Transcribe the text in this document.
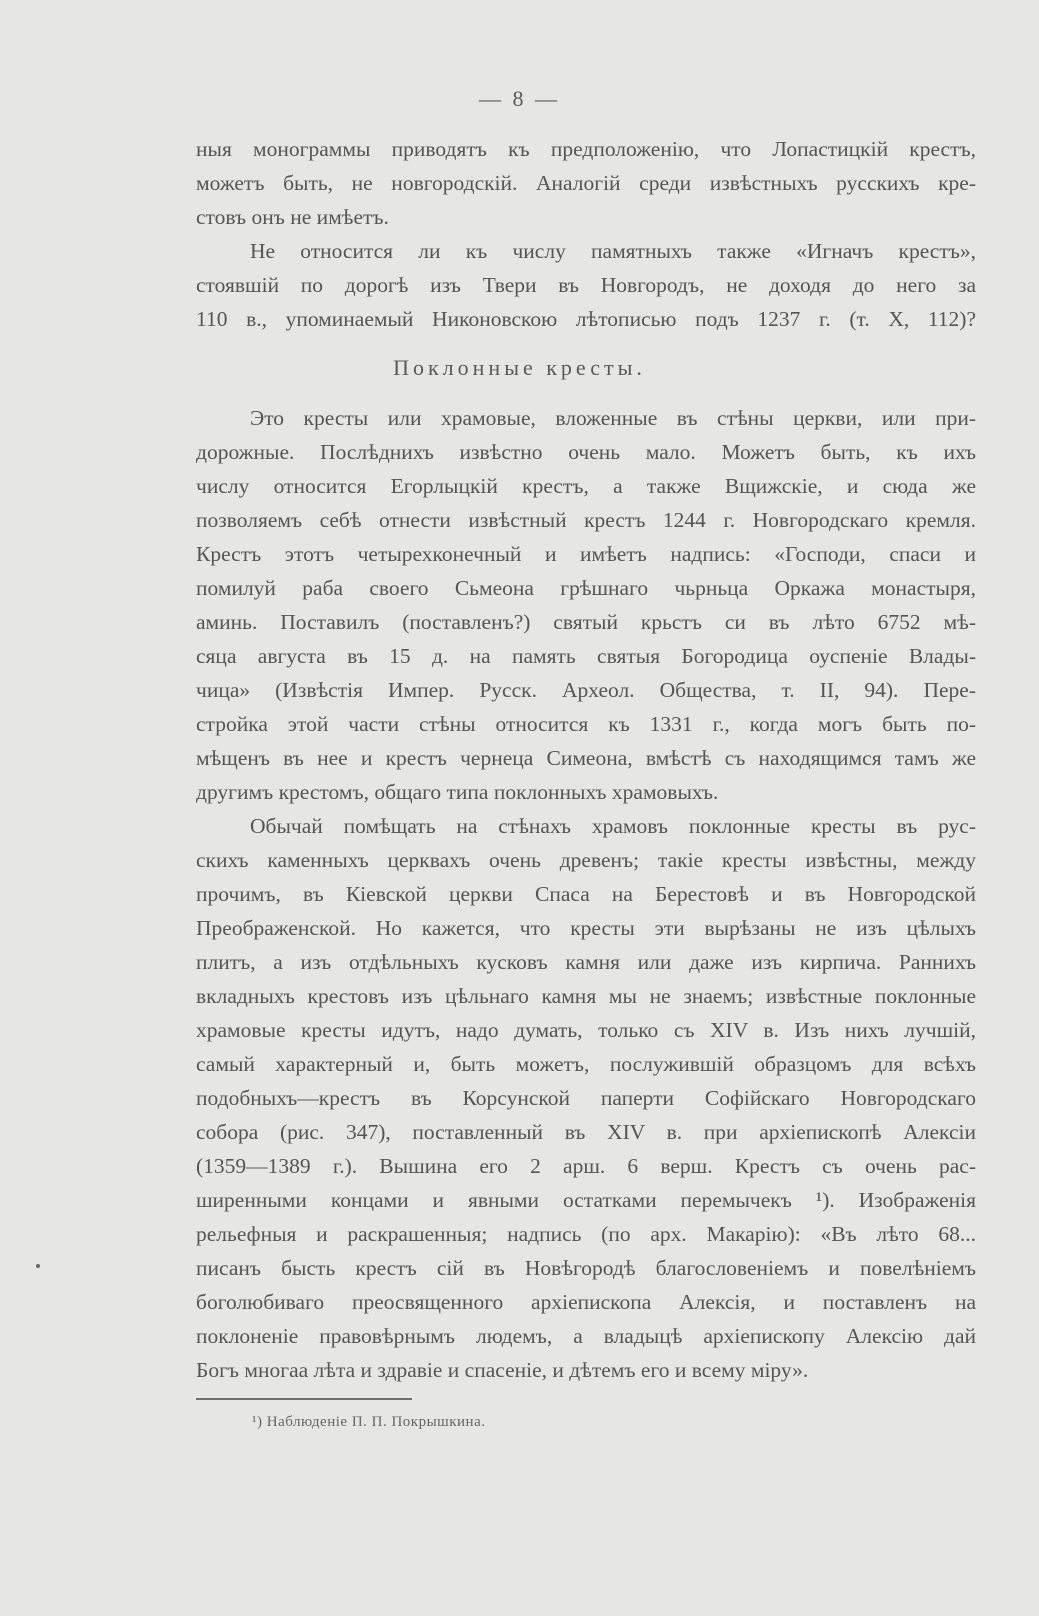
— 8 —
ныя монограммы приводятъ къ предположенію, что Лопастицкій крестъ,
можетъ быть, не новгородскій. Аналогій среди извѣстныхъ русскихъ кре-
стовъ онъ не имѣетъ.
Не относится ли къ числу памятныхъ также «Игначъ крестъ»,
стоявшій по дорогѣ изъ Твери въ Новгородъ, не доходя до него за
110 в., упоминаемый Никоновскою лѣтописью подъ 1237 г. (т. X, 112)?
Поклонные кресты.
Это кресты или храмовые, вложенные въ стѣны церкви, или при-
дорожные. Послѣднихъ извѣстно очень мало. Можетъ быть, къ ихъ
числу относится Егорлыцкій крестъ, а также Вщижскіе, и сюда же
позволяемъ себѣ отнести извѣстный крестъ 1244 г. Новгородскаго кремля.
Крестъ этотъ четырехконечный и имѣетъ надпись: «Господи, спаси и
помилуй раба своего Сьмеона грѣшнаго чьрньца Оркажа монастыря,
аминь. Поставилъ (поставленъ?) святый крьстъ си въ лѣто 6752 мѣ-
сяца августа въ 15 д. на память святыя Богородица оуспеніе Влады-
чица» (Извѣстія Импер. Русск. Археол. Общества, т. II, 94). Пере-
стройка этой части стѣны относится къ 1331 г., когда могъ быть по-
мѣщенъ въ нее и крестъ чернеца Симеона, вмѣстѣ съ находящимся тамъ же
другимъ крестомъ, общаго типа поклонныхъ храмовыхъ.
Обычай помѣщать на стѣнахъ храмовъ поклонные кресты въ рус-
скихъ каменныхъ церквахъ очень древенъ; такіе кресты извѣстны, между
прочимъ, въ Кіевской церкви Спаса на Берестовѣ и въ Новгородской
Преображенской. Но кажется, что кресты эти вырѣзаны не изъ цѣлыхъ
плитъ, а изъ отдѣльныхъ кусковъ камня или даже изъ кирпича. Раннихъ
вкладныхъ крестовъ изъ цѣльнаго камня мы не знаемъ; извѣстные поклонные
храмовые кресты идутъ, надо думать, только съ XIV в. Изъ нихъ лучшій,
самый характерный и, быть можетъ, послужившій образцомъ для всѣхъ
подобныхъ—крестъ въ Корсунской паперти Софійскаго Новгородскаго
собора (рис. 347), поставленный въ XIV в. при архіепископѣ Алексіи
(1359—1389 г.). Вышина его 2 арш. 6 верш. Крестъ съ очень рас-
ширенными концами и явными остатками перемычекъ ¹). Изображенія
рельефныя и раскрашенныя; надпись (по арх. Макарію): «Въ лѣто 68...
писанъ бысть крестъ сій въ Новѣгородѣ благословеніемъ и повелѣніемъ
боголюбиваго преосвященного архіепископа Алексія, и поставленъ на
поклоненіе правовѣрнымъ людемъ, а владыцѣ архіепископу Алексію дай
¹) Наблюденіе П. П. Покрышкина.
Богъ многаа лѣта и здравіе и спасеніе, и дѣтемъ его и всему міру».
